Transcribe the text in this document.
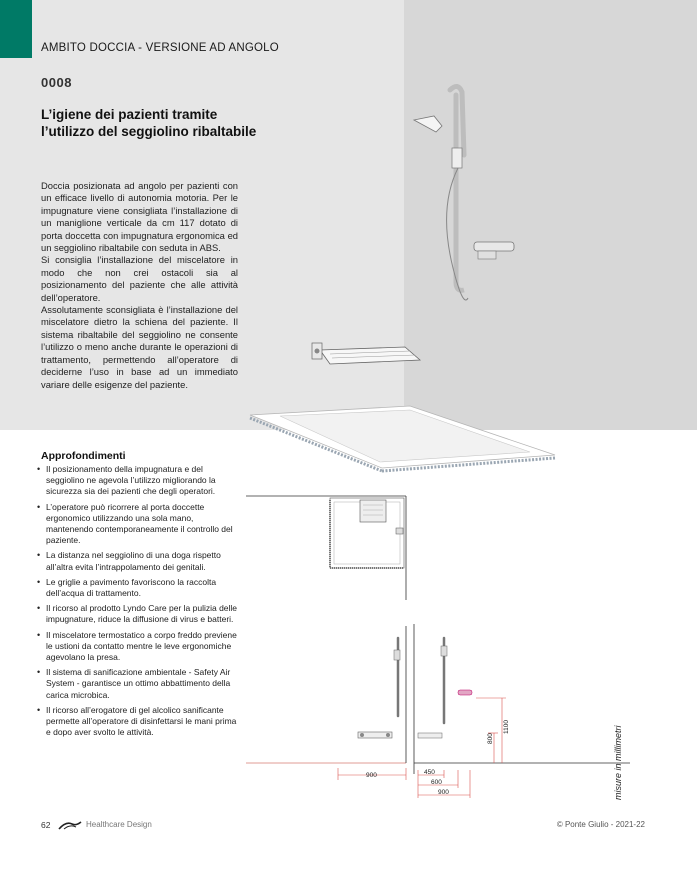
AMBITO DOCCIA - VERSIONE AD ANGOLO
0008
L’igiene dei pazienti tramite l’utilizzo del seggiolino ribaltabile

Doccia posizionata ad angolo per pazienti con un efficace livello di autonomia motoria. Per le impugnature viene consigliata l’installazione di un maniglione verticale da cm 117 dotato di porta doccetta con impugnatura ergonomica ed un seggiolino ribaltabile con seduta in ABS.

Si consiglia l’installazione del miscelatore in modo che non crei ostacoli sia al posizionamento del paziente che alle attività dell’operatore.

Assolutamente sconsigliata è l’installazione del miscelatore dietro la schiena del paziente. Il sistema ribaltabile del seggiolino ne consente l’utilizzo o meno anche durante le operazioni di trattamento, permettendo all’operatore di deciderne l’uso in base ad un immediato variare delle esigenze del paziente.

Approfondimenti
• Il posizionamento della impugnatura e del seggiolino ne agevola l’utilizzo migliorando la sicurezza sia dei pazienti che degli operatori.
• L’operatore può ricorrere al porta doccette ergonomico utilizzando una sola mano, mantenendo contemporaneamente il controllo del paziente.
• La distanza nel seggiolino di una doga rispetto all’altra evita l’intrappolamento dei genitali.
• Le griglie a pavimento favoriscono la raccolta dell’acqua di trattamento.
• Il ricorso al prodotto Lyndo Care per la pulizia delle impugnature, riduce la diffusione di virus e batteri.
• Il miscelatore termostatico a corpo freddo previene le ustioni da contatto mentre le leve ergonomiche agevolano la presa.
• Il sistema di sanificazione ambientale - Safety Air System - garantisce un ottimo abbattimento della carica microbica.
• Il ricorso all’erogatore di gel alcolico sanificante permette all’operatore di disinfettarsi le mani prima e dopo aver svolto le attività.
900	450
600
900
800
1100	misure in millimetri
62	Healthcare Design	© Ponte Giulio - 2021-22
